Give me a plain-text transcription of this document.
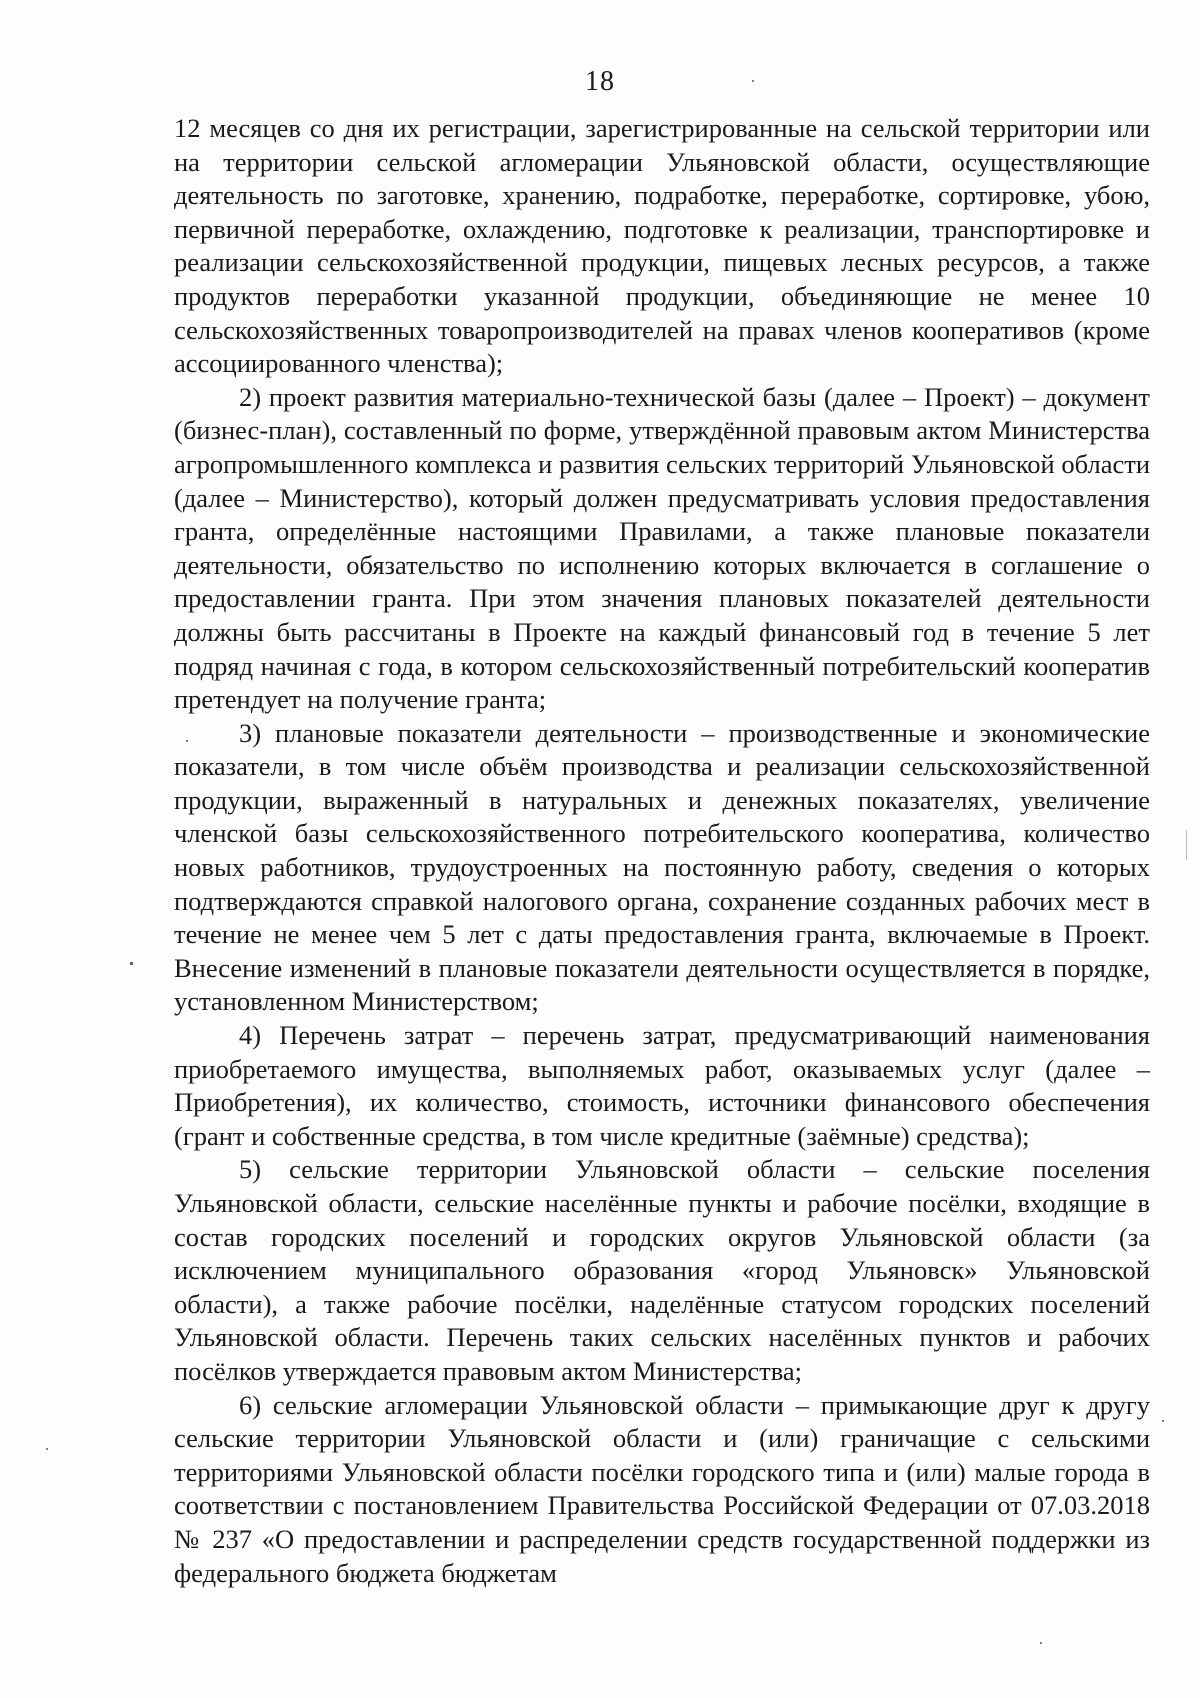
18

12 месяцев со дня их регистрации, зарегистрированные на сельской территории или на территории сельской агломерации Ульяновской области, осуществляющие деятельность по заготовке, хранению, подработке, переработке, сортировке, убою, первичной переработке, охлаждению, подготовке к реализации, транспортировке и реализации сельскохозяйственной продукции, пищевых лесных ресурсов, а также продуктов переработки указанной продукции, объединяющие не менее 10 сельскохозяйственных товаропроизводителей на правах членов кооперативов (кроме ассоциированного членства);

2) проект развития материально-технической базы (далее – Проект) – документ (бизнес-план), составленный по форме, утверждённой правовым актом Министерства агропромышленного комплекса и развития сельских территорий Ульяновской области (далее – Министерство), который должен предусматривать условия предоставления гранта, определённые настоящими Правилами, а также плановые показатели деятельности, обязательство по исполнению которых включается в соглашение о предоставлении гранта. При этом значения плановых показателей деятельности должны быть рассчитаны в Проекте на каждый финансовый год в течение 5 лет подряд начиная с года, в котором сельскохозяйственный потребительский кооператив претендует на получение гранта;

3) плановые показатели деятельности – производственные и экономические показатели, в том числе объём производства и реализации сельскохозяйственной продукции, выраженный в натуральных и денежных показателях, увеличение членской базы сельскохозяйственного потребительского кооператива, количество новых работников, трудоустроенных на постоянную работу, сведения о которых подтверждаются справкой налогового органа, сохранение созданных рабочих мест в течение не менее чем 5 лет с даты предоставления гранта, включаемые в Проект. Внесение изменений в плановые показатели деятельности осуществляется в порядке, установленном Министерством;

4) Перечень затрат – перечень затрат, предусматривающий наименования приобретаемого имущества, выполняемых работ, оказываемых услуг (далее – Приобретения), их количество, стоимость, источники финансового обеспечения (грант и собственные средства, в том числе кредитные (заёмные) средства);

5) сельские территории Ульяновской области – сельские поселения Ульяновской области, сельские населённые пункты и рабочие посёлки, входящие в состав городских поселений и городских округов Ульяновской области (за исключением муниципального образования «город Ульяновск» Ульяновской области), а также рабочие посёлки, наделённые статусом городских поселений Ульяновской области. Перечень таких сельских населённых пунктов и рабочих посёлков утверждается правовым актом Министерства;

6) сельские агломерации Ульяновской области – примыкающие друг к другу сельские территории Ульяновской области и (или) граничащие с сельскими территориями Ульяновской области посёлки городского типа и (или) малые города в соответствии с постановлением Правительства Российской Федерации от 07.03.2018 № 237 «О предоставлении и распределении средств государственной поддержки из федерального бюджета бюджетам
